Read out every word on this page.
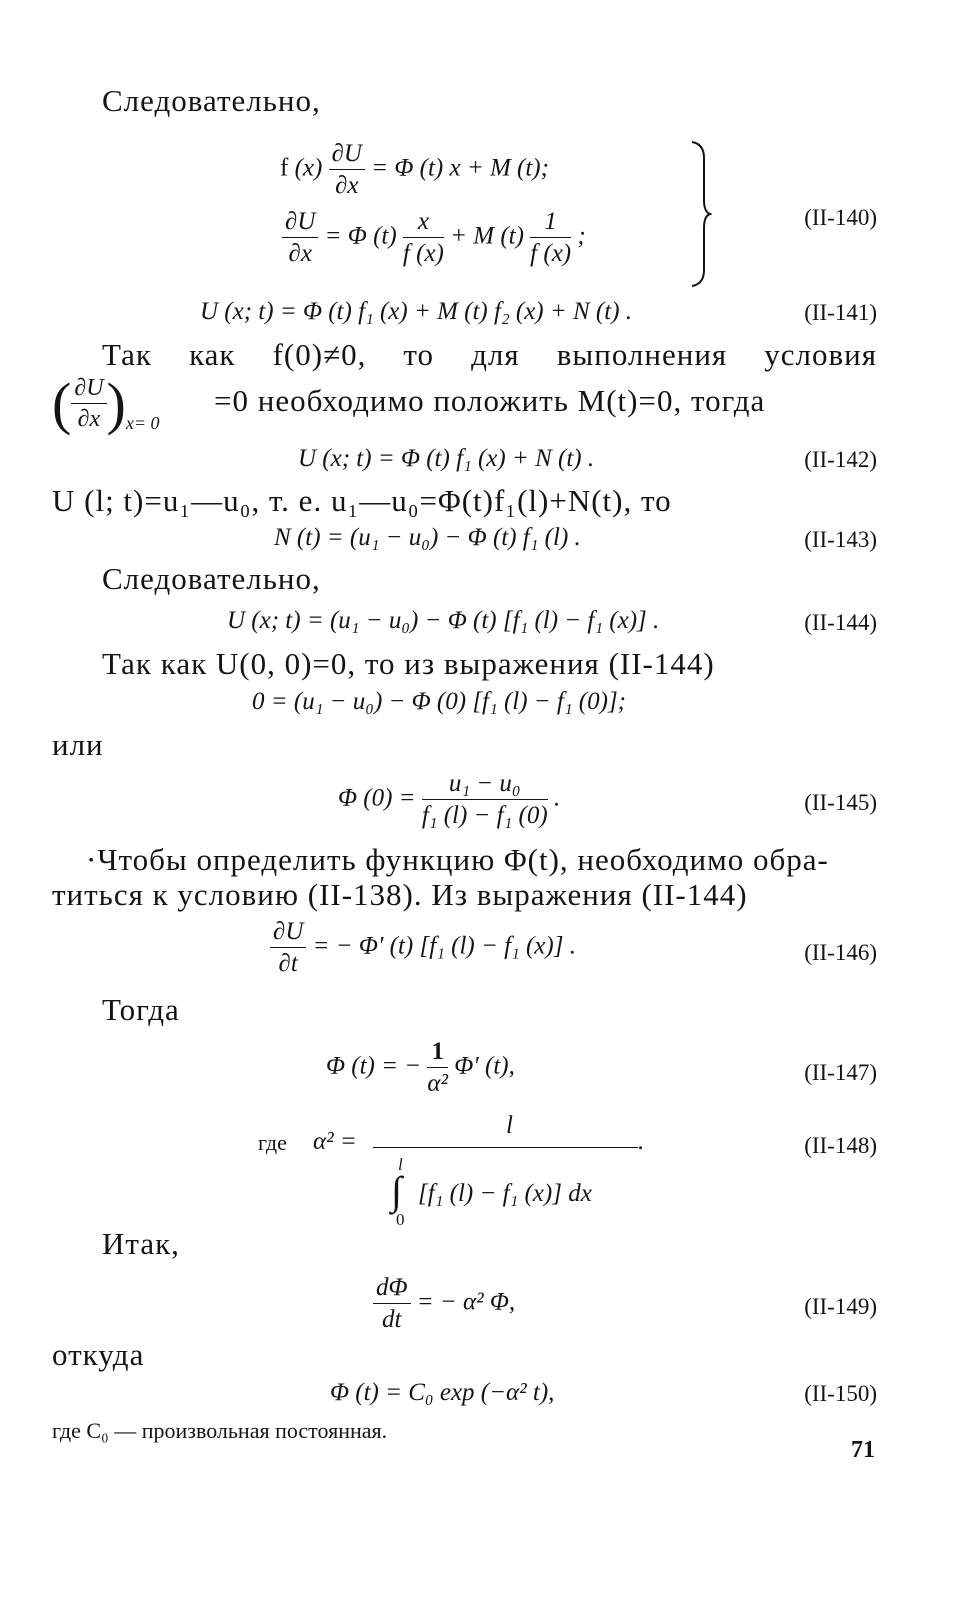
Следовательно,
f $(x) \frac{\partial U}{\partial x} = \Phi$ (t) x + M (t);
$\frac{\partial U}{\partial x} = \Phi$ $(t) \frac{x}{f (x)} + M$ $(t) \frac{1}{f (x)}$ ;
(II-140)
U (x; t) = Φ (t) f₁ (x) + M (t) f₂ (x) + N (t) .	(II-141)
Так как f(0)≠0, то для выполнения условия
( $\frac{\partial U}{\partial x} )x= 0$
=0 необходимо положить M(t)=0, тогда
U (x; t) = Φ (t) f₁ (x) + N (t) .	(II-142)
U (l; t)=u₁—u₀, т. е. u₁—u₀=Φ(t)f₁(l)+N(t), то
N (t) = (u₁ − u₀) − Φ (t) f₁ (l) .	(II-143)
Следовательно,
U (x; t) = (u₁ − u₀) − Φ (t) [f₁ (l) − f₁ (x)] .	(II-144)
Так как U(0, 0)=0, то из выражения (II-144)
0 = (u₁ − u₀) − Φ (0) [f₁ (l) − f₁ (0)];
или
Φ $(0) = \frac{\text{u₁ − u₀}}{\text{f₁ (l) − f₁ (0)}}$ .	(II-145)
·Чтобы определить функцию Φ(t), необходимо обра-
титься к условию (II-138). Из выражения (II-144)
$\frac{\partial U}{\partial t}$ = − Φ′ (t) [f₁ (l) − f₁ (x)] .	(II-146)
Тогда
Φ (t) = − $\frac{1}{\text{α²}} \Phi'$ (t),	(II-147)
где α² =
l
.
l
∫ [f₁ (l) − f₁ (x)] dx
0
(II-148)
Итак,
$\frac{d\Phi}{dt}$ = − α² Φ,	(II-149)
откуда
Φ (t) = C₀ exp (−α² t),	(II-150)
где C₀ — произвольная постоянная.
71
